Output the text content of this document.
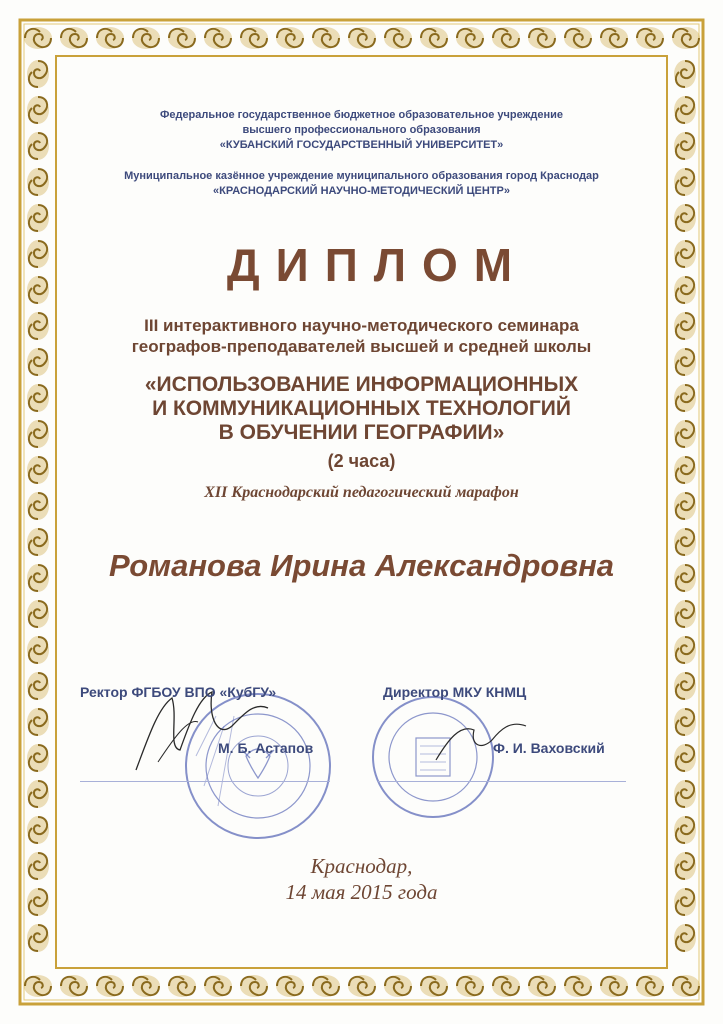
Федеральное государственное бюджетное образовательное учреждение
высшего профессионального образования
«КУБАНСКИЙ ГОСУДАРСТВЕННЫЙ УНИВЕРСИТЕТ»
Муниципальное казённое учреждение муниципального образования город Краснодар
«КРАСНОДАРСКИЙ НАУЧНО-МЕТОДИЧЕСКИЙ ЦЕНТР»
ДИПЛОМ
III интерактивного научно-методического семинара
географов-преподавателей высшей и средней школы
«ИСПОЛЬЗОВАНИЕ ИНФОРМАЦИОННЫХ
И КОММУНИКАЦИОННЫХ ТЕХНОЛОГИЙ
В ОБУЧЕНИИ ГЕОГРАФИИ»
(2 часа)
XII Краснодарский педагогический марафон
Романова Ирина Александровна
Ректор ФГБОУ ВПО «КубГУ»
М. Б. Астапов
Директор МКУ КНМЦ
Ф. И. Ваховский
Краснодар,
14 мая 2015 года
